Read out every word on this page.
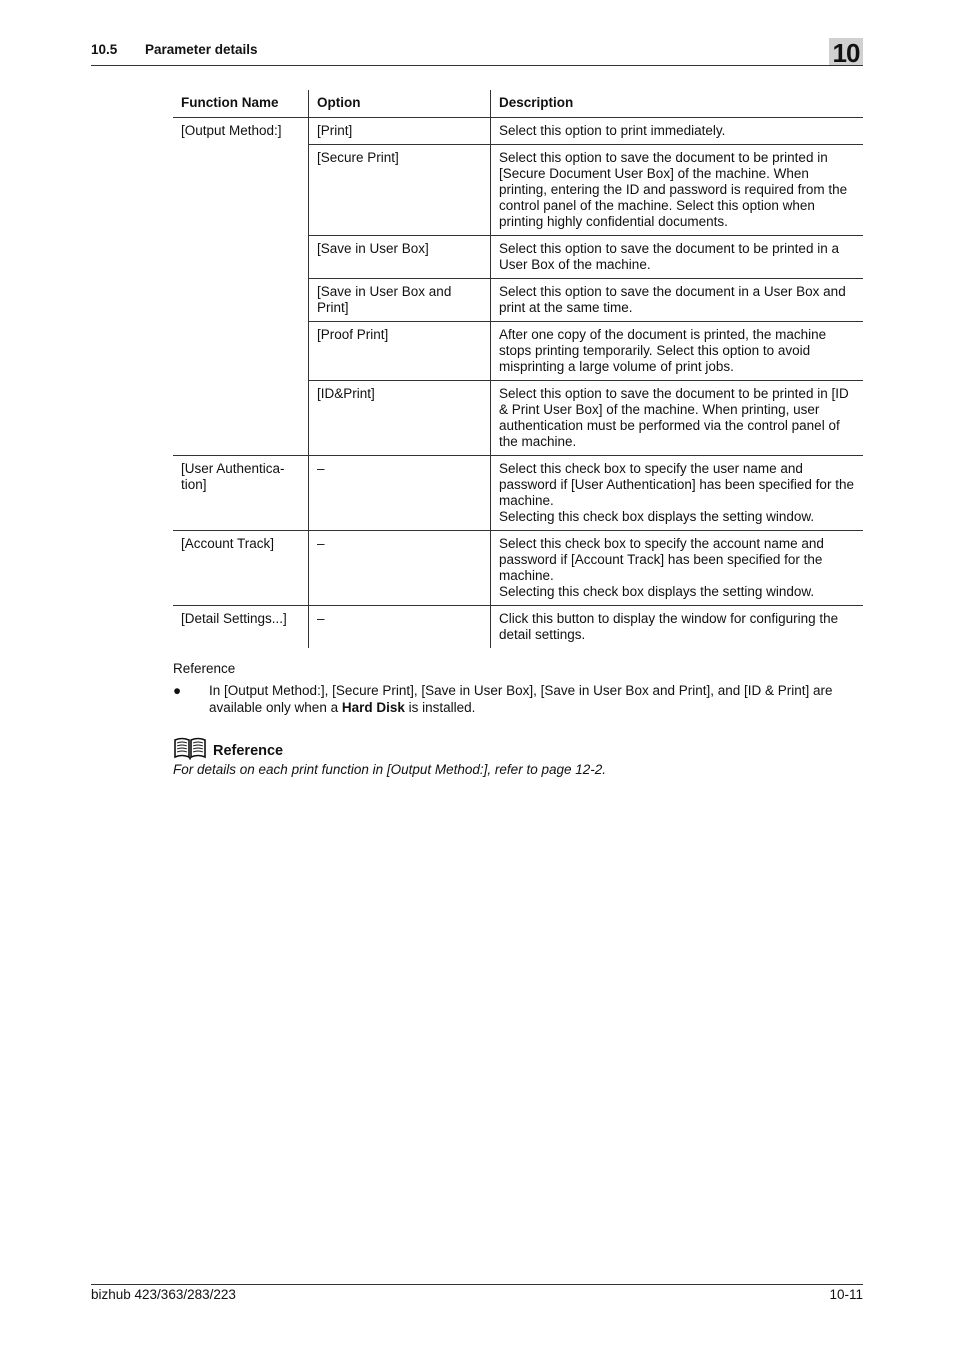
10.5 Parameter details	10
Function Name	Option	Description
[Output Method:]	[Print]	Select this option to print immediately.
	[Secure Print]	Select this option to save the document to be printed in [Secure Document User Box] of the machine. When printing, entering the ID and password is required from the control panel of the machine. Select this option when printing highly confidential documents.
	[Save in User Box]	Select this option to save the document to be printed in a User Box of the machine.
	[Save in User Box and Print]	Select this option to save the document in a User Box and print at the same time.
	[Proof Print]	After one copy of the document is printed, the machine stops printing temporarily. Select this option to avoid misprinting a large volume of print jobs.
	[ID&Print]	Select this option to save the document to be printed in [ID & Print User Box] of the machine. When printing, user authentication must be performed via the control panel of the machine.
[User Authentica-tion]	–	Select this check box to specify the user name and password if [User Authentication] has been specified for the machine.
Selecting this check box displays the setting window.

[Account Track]	–	Select this check box to specify the account name and password if [Account Track] has been specified for the machine.
Selecting this check box displays the setting window.

[Detail Settings...]	–	Click this button to display the window for configuring the detail settings.
Reference
● In [Output Method:], [Secure Print], [Save in User Box], [Save in User Box and Print], and [ID & Print] are available only when a Hard Disk is installed.
Reference
For details on each print function in [Output Method:], refer to page 12-2.
bizhub 423/363/283/223	10-11
